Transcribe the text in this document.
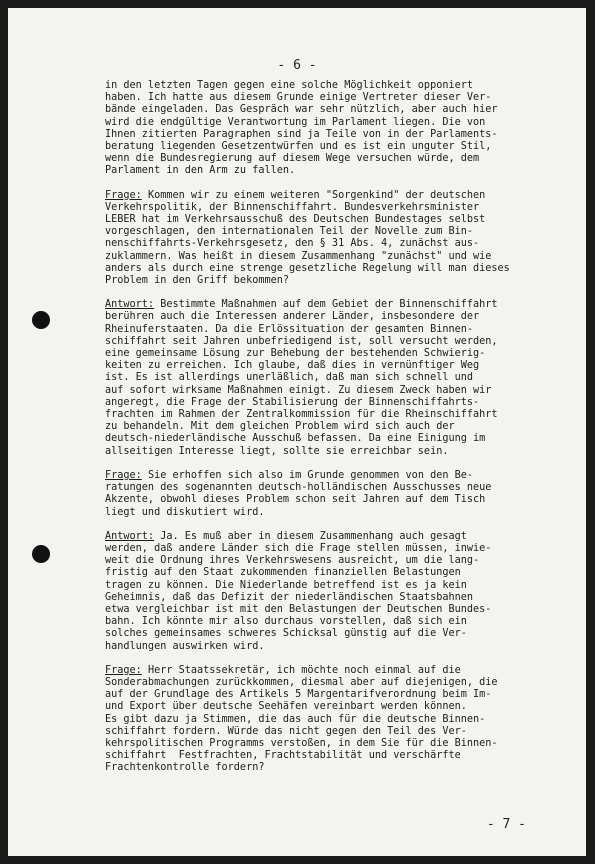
- 6 -
in den letzten Tagen gegen eine solche Möglichkeit opponiert
haben. Ich hatte aus diesem Grunde einige Vertreter dieser Ver-
bände eingeladen. Das Gespräch war sehr nützlich, aber auch hier
wird die endgültige Verantwortung im Parlament liegen. Die von
Ihnen zitierten Paragraphen sind ja Teile von in der Parlaments-
beratung liegenden Gesetzentwürfen und es ist ein unguter Stil,
wenn die Bundesregierung auf diesem Wege versuchen würde, dem
Parlament in den Arm zu fallen.
Frage: Kommen wir zu einem weiteren "Sorgenkind" der deutschen
Verkehrspolitik, der Binnenschiffahrt. Bundesverkehrsminister
LEBER hat im Verkehrsausschuß des Deutschen Bundestages selbst
vorgeschlagen, den internationalen Teil der Novelle zum Bin-
nenschiffahrts-Verkehrsgesetz, den § 31 Abs. 4, zunächst aus-
zuklammern. Was heißt in diesem Zusammenhang "zunächst" und wie
anders als durch eine strenge gesetzliche Regelung will man dieses
Problem in den Griff bekommen?
Antwort: Bestimmte Maßnahmen auf dem Gebiet der Binnenschiffahrt
berühren auch die Interessen anderer Länder, insbesondere der
Rheinuferstaaten. Da die Erlössituation der gesamten Binnen-
schiffahrt seit Jahren unbefriedigend ist, soll versucht werden,
eine gemeinsame Lösung zur Behebung der bestehenden Schwierig-
keiten zu erreichen. Ich glaube, daß dies in vernünftiger Weg
ist. Es ist allerdings unerläßlich, daß man sich schnell und
auf sofort wirksame Maßnahmen einigt. Zu diesem Zweck haben wir
angeregt, die Frage der Stabilisierung der Binnenschiffahrts-
frachten im Rahmen der Zentralkommission für die Rheinschiffahrt
zu behandeln. Mit dem gleichen Problem wird sich auch der
deutsch-niederländische Ausschuß befassen. Da eine Einigung im
allseitigen Interesse liegt, sollte sie erreichbar sein.
Frage: Sie erhoffen sich also im Grunde genommen von den Be-
ratungen des sogenannten deutsch-holländischen Ausschusses neue
Akzente, obwohl dieses Problem schon seit Jahren auf dem Tisch
liegt und diskutiert wird.
Antwort: Ja. Es muß aber in diesem Zusammenhang auch gesagt
werden, daß andere Länder sich die Frage stellen müssen, inwie-
weit die Ordnung ihres Verkehrswesens ausreicht, um die lang-
fristig auf den Staat zukommenden finanziellen Belastungen
tragen zu können. Die Niederlande betreffend ist es ja kein
Geheimnis, daß das Defizit der niederländischen Staatsbahnen
etwa vergleichbar ist mit den Belastungen der Deutschen Bundes-
bahn. Ich könnte mir also durchaus vorstellen, daß sich ein
solches gemeinsames schweres Schicksal günstig auf die Ver-
handlungen auswirken wird.
Frage: Herr Staatssekretär, ich möchte noch einmal auf die
Sonderabmachungen zurückkommen, diesmal aber auf diejenigen, die
auf der Grundlage des Artikels 5 Margentarifverordnung beim Im-
und Export über deutsche Seehäfen vereinbart werden können.
Es gibt dazu ja Stimmen, die das auch für die deutsche Binnen-
schiffahrt fordern. Würde das nicht gegen den Teil des Ver-
kehrspolitischen Programms verstoßen, in dem Sie für die Binnen-
schiffahrt  Festfrachten, Frachtstabilität und verschärfte
Frachtenkontrolle fordern?
- 7 -
